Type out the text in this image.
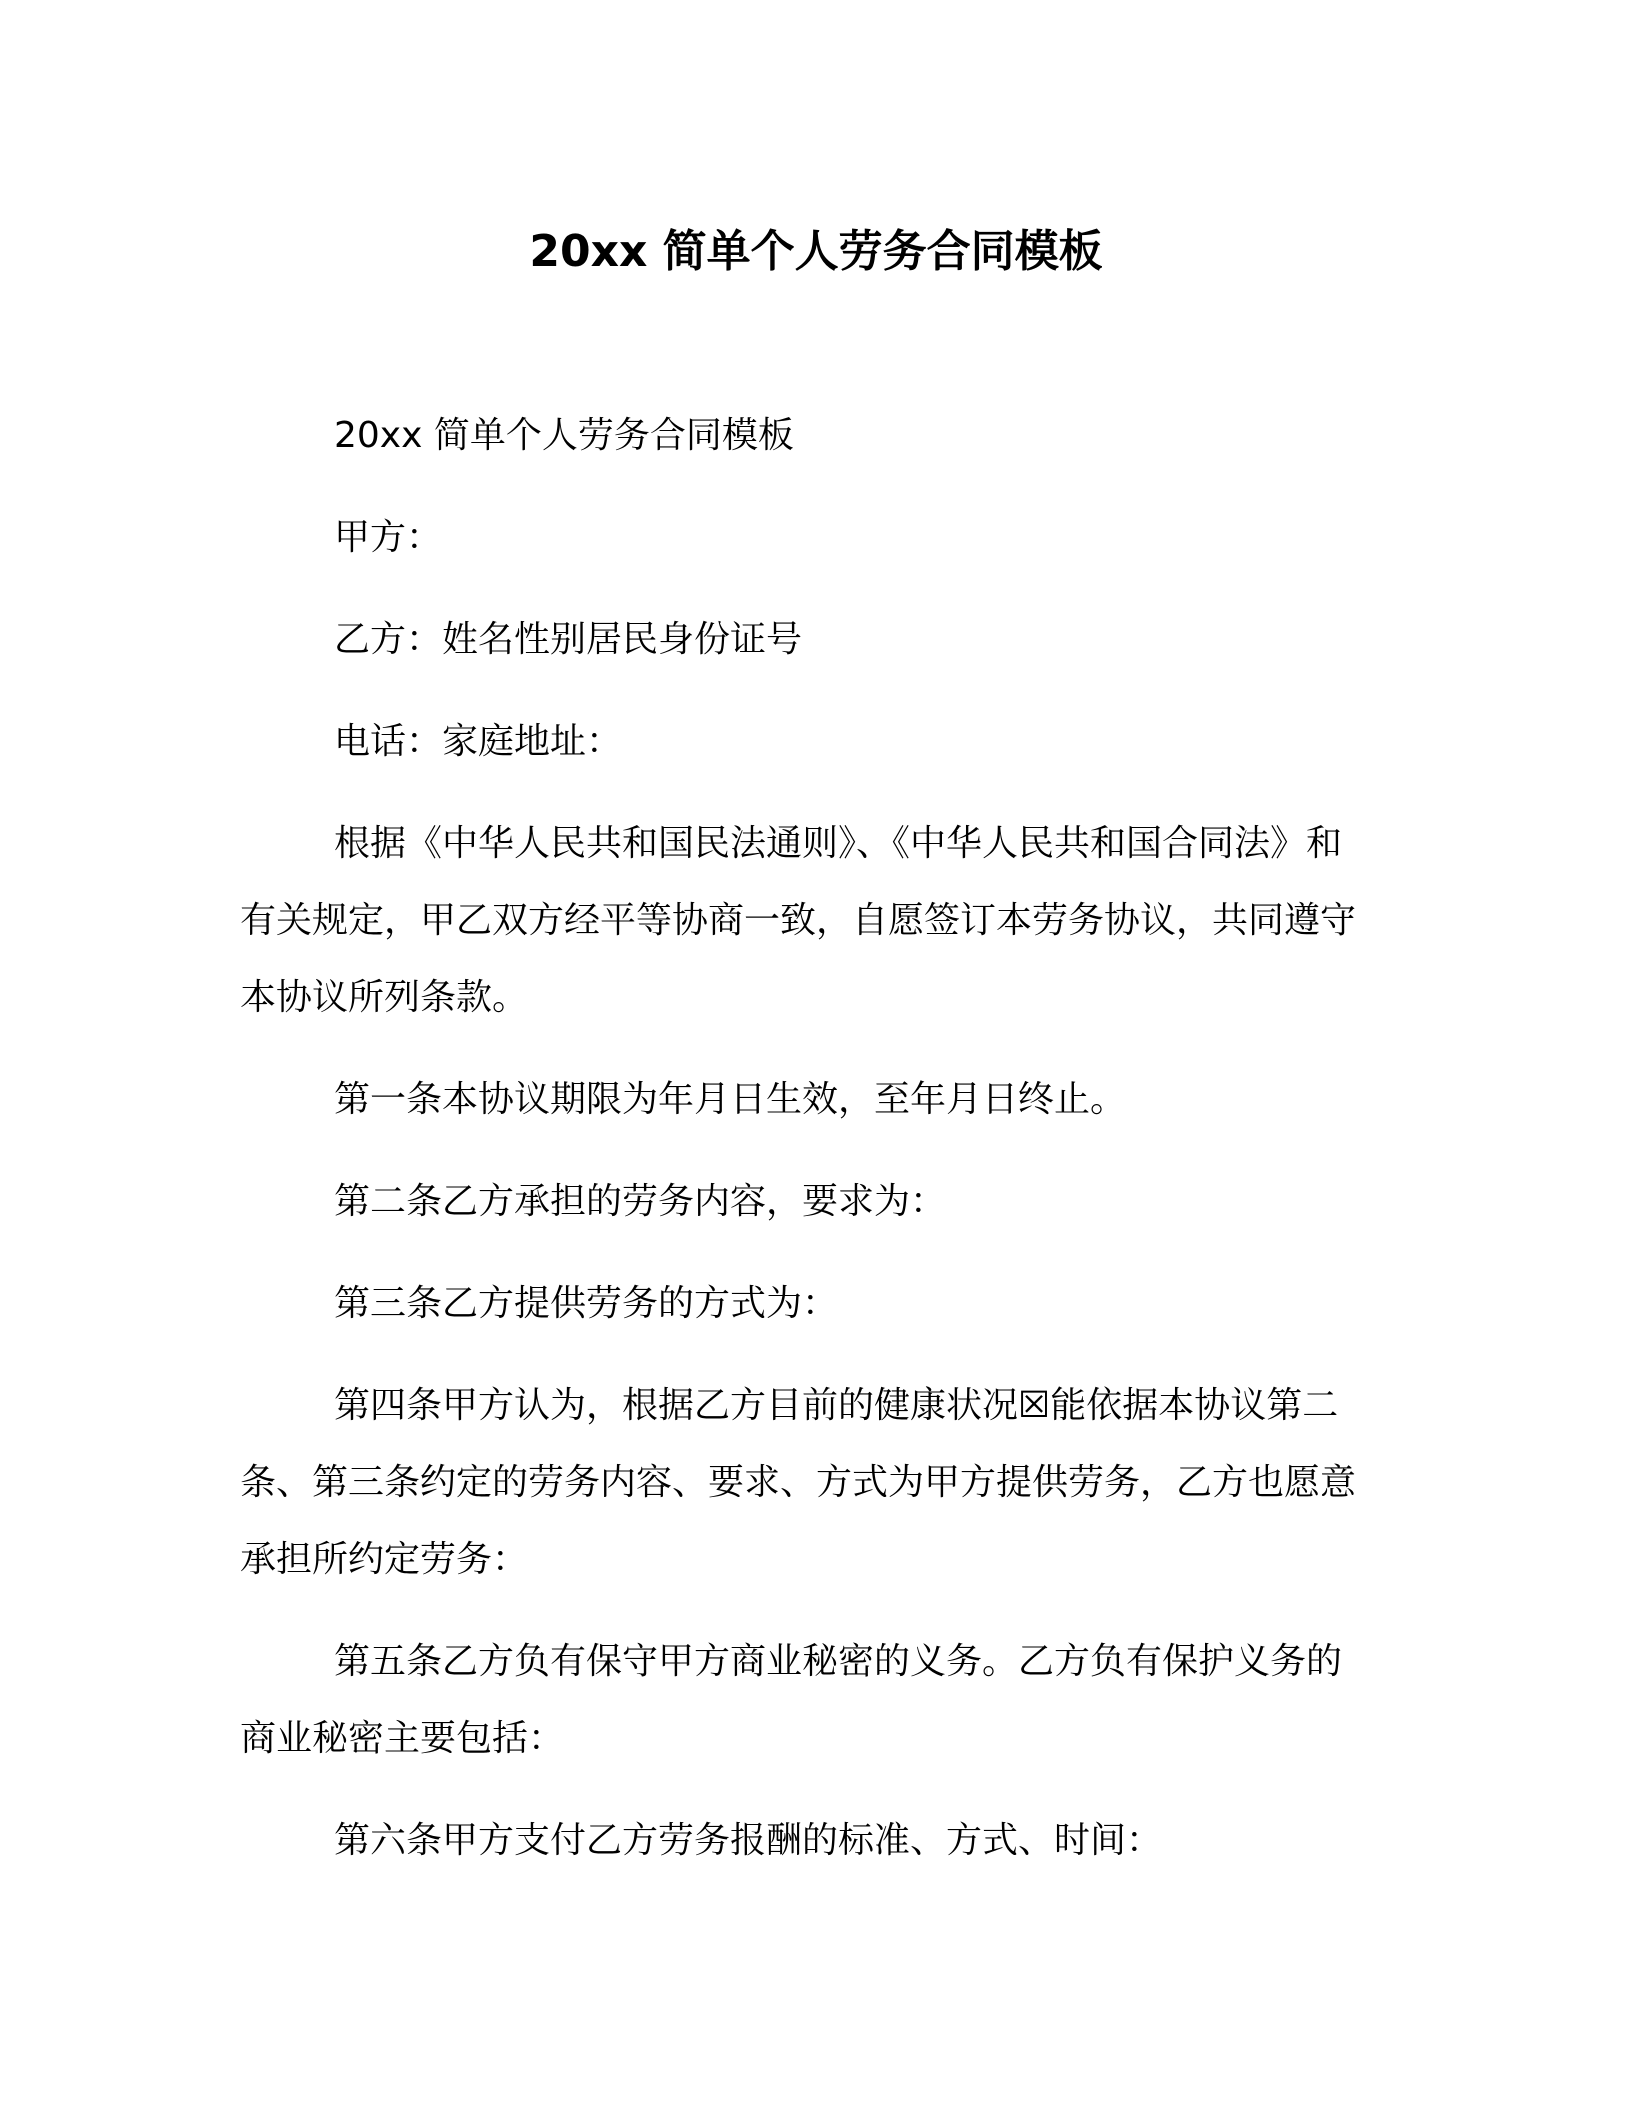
20xx 简单个人劳务合同模板
20xx 简单个人劳务合同模板
甲方：
乙方：姓名性别居民身份证号
电话：家庭地址：
根据《中华人民共和国民法通则》、《中华人民共和国合同法》和有关规定，甲乙双方经平等协商一致，自愿签订本劳务协议，共同遵守本协议所列条款。
第一条本协议期限为年月日生效，至年月日终止。
第二条乙方承担的劳务内容，要求为：
第三条乙方提供劳务的方式为：
第四条甲方认为，根据乙方目前的健康状况☒能依据本协议第二条、第三条约定的劳务内容、要求、方式为甲方提供劳务，乙方也愿意承担所约定劳务：
第五条乙方负有保守甲方商业秘密的义务。乙方负有保护义务的商业秘密主要包括：
第六条甲方支付乙方劳务报酬的标准、方式、时间：
